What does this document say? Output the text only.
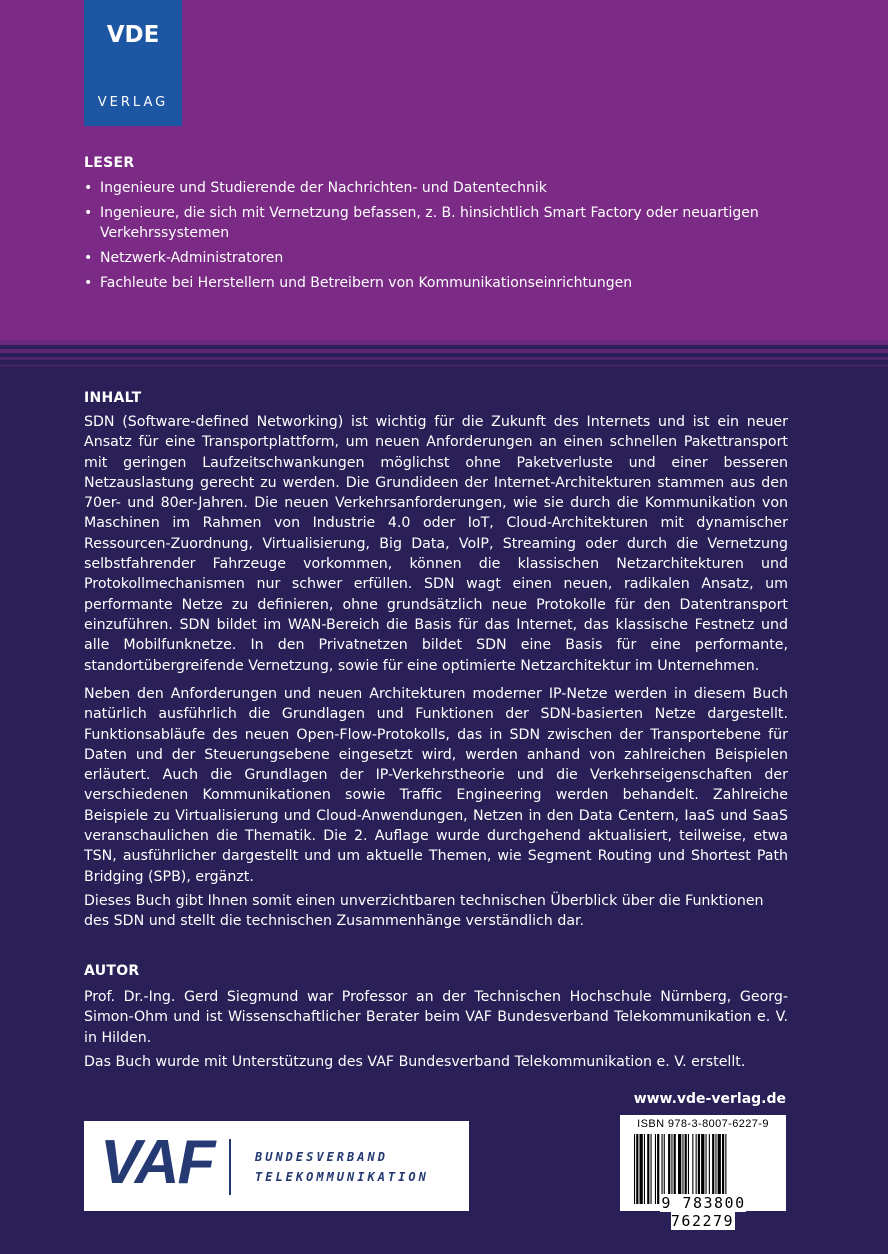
VDE
VERLAG
LESER
• Ingenieure und Studierende der Nachrichten- und Datentechnik
• Ingenieure, die sich mit Vernetzung befassen, z. B. hinsichtlich Smart Factory oder neuartigen Verkehrssystemen
• Netzwerk-Administratoren
• Fachleute bei Herstellern und Betreibern von Kommunikationseinrichtungen
INHALT

SDN (Software-defined Networking) ist wichtig für die Zukunft des Internets und ist ein neuer Ansatz für eine Transportplattform, um neuen Anforderungen an einen schnellen Pakettransport mit geringen Laufzeitschwankungen möglichst ohne Paketverluste und einer besseren Netzauslastung gerecht zu werden. Die Grundideen der Internet-Architekturen stammen aus den 70er- und 80er-Jahren. Die neuen Verkehrsanforderungen, wie sie durch die Kommunikation von Maschinen im Rahmen von Industrie 4.0 oder IoT, Cloud-Architekturen mit dynamischer Ressourcen-Zuordnung, Virtualisierung, Big Data, VoIP, Streaming oder durch die Vernetzung selbstfahrender Fahrzeuge vorkommen, können die klassischen Netzarchitekturen und Protokollmechanismen nur schwer erfüllen. SDN wagt einen neuen, radikalen Ansatz, um performante Netze zu definieren, ohne grundsätzlich neue Protokolle für den Datentransport einzuführen. SDN bildet im WAN-Bereich die Basis für das Internet, das klassische Festnetz und alle Mobilfunknetze. In den Privatnetzen bildet SDN eine Basis für eine performante, standortübergreifende Vernetzung, sowie für eine optimierte Netzarchitektur im Unternehmen.

Neben den Anforderungen und neuen Architekturen moderner IP-Netze werden in diesem Buch natürlich ausführlich die Grundlagen und Funktionen der SDN-basierten Netze dargestellt. Funktionsabläufe des neuen Open-Flow-Protokolls, das in SDN zwischen der Transportebene für Daten und der Steuerungsebene eingesetzt wird, werden anhand von zahlreichen Beispielen erläutert. Auch die Grundlagen der IP-Verkehrstheorie und die Verkehrseigenschaften der verschiedenen Kommunikationen sowie Traffic Engineering werden behandelt. Zahlreiche Beispiele zu Virtualisierung und Cloud-Anwendungen, Netzen in den Data Centern, IaaS und SaaS veranschaulichen die Thematik. Die 2. Auflage wurde durchgehend aktualisiert, teilweise, etwa TSN, ausführlicher dargestellt und um aktuelle Themen, wie Segment Routing und Shortest Path Bridging (SPB), ergänzt.

Dieses Buch gibt Ihnen somit einen unverzichtbaren technischen Überblick über die Funktionen des SDN und stellt die technischen Zusammenhänge verständlich dar.

AUTOR

Prof. Dr.-Ing. Gerd Siegmund war Professor an der Technischen Hochschule Nürnberg, Georg-Simon-Ohm und ist Wissenschaftlicher Berater beim VAF Bundesverband Telekommunikation e. V. in Hilden.

Das Buch wurde mit Unterstützung des VAF Bundesverband Telekommunikation e. V. erstellt.

www.vde-verlag.de
VAF	BUNDESVERBAND
TELEKOMMUNIKATION
ISBN 978-3-8007-6227-9
9 783800 762279
